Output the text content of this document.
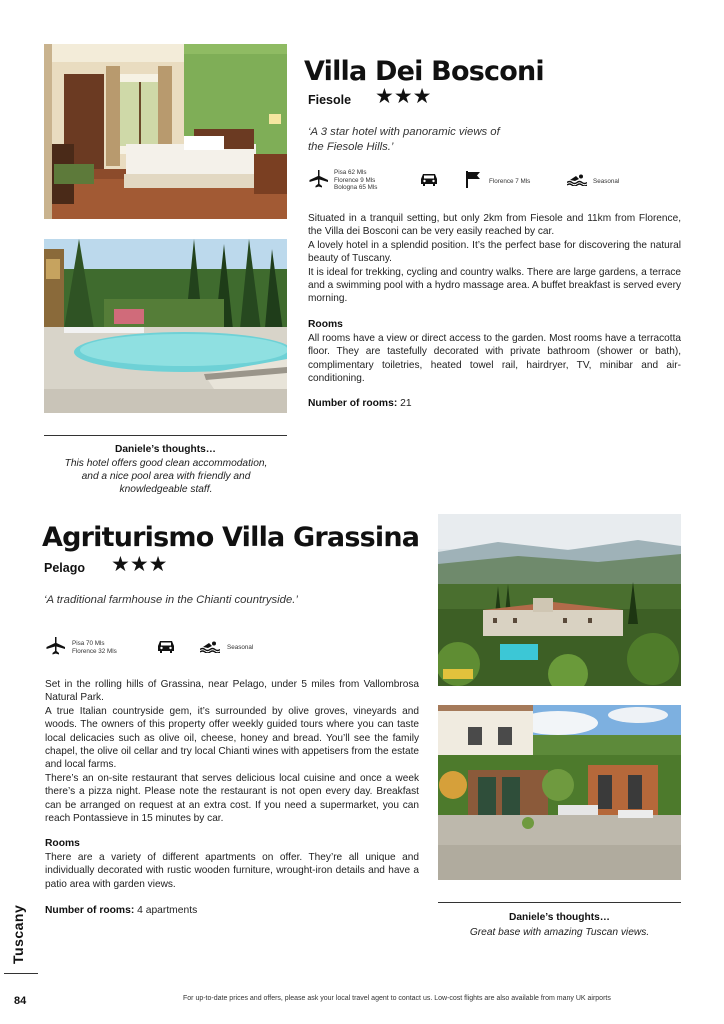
Villa Dei Bosconi
Fiesole ★★★
‘A 3 star hotel with panoramic views of the Fiesole Hills.’
Pisa 62 Mls
Florence 9 Mls
Bologna 65 Mls
Florence 7 Mls	Seasonal

Situated in a tranquil setting, but only 2km from Fiesole and 11km from Florence, the Villa dei Bosconi can be very easily reached by car.

A lovely hotel in a splendid position. It’s the perfect base for discovering the natural beauty of Tuscany.

It is ideal for trekking, cycling and country walks. There are large gardens, a terrace and a swimming pool with a hydro massage area. A buffet breakfast is served every morning.

Rooms

All rooms have a view or direct access to the garden. Most rooms have a terracotta floor. They are tastefully decorated with private bathroom (shower or bath), complimentary toiletries, heated towel rail, hairdryer, TV, minibar and air-conditioning.

Number of rooms: 21
Daniele’s thoughts…
This hotel offers good clean accommodation, and a nice pool area with friendly and knowledgeable staff.
Agriturismo Villa Grassina
Pelago ★★★
‘A traditional farmhouse in the Chianti countryside.’
Pisa 70 Mls
Florence 32 Mls
Seasonal

Set in the rolling hills of Grassina, near Pelago, under 5 miles from Vallombrosa Natural Park.

A true Italian countryside gem, it’s surrounded by olive groves, vineyards and woods. The owners of this property offer weekly guided tours where you can taste local delicacies such as olive oil, cheese, honey and bread. You’ll see the family chapel, the olive oil cellar and try local Chianti wines with appetisers from the estate and local farms.

There’s an on-site restaurant that serves delicious local cuisine and once a week there’s a pizza night. Please note the restaurant is not open every day. Breakfast can be arranged on request at an extra cost. If you need a supermarket, you can reach Pontassieve in 15 minutes by car.

Rooms

There are a variety of different apartments on offer. They’re all unique and individually decorated with rustic wooden furniture, wrought-iron details and have a patio area with garden views.

Number of rooms: 4 apartments
Daniele’s thoughts…
Great base with amazing Tuscan views.
Tuscany
84	For up-to-date prices and offers, please ask your local travel agent to contact us. Low-cost flights are also available from many UK airports
